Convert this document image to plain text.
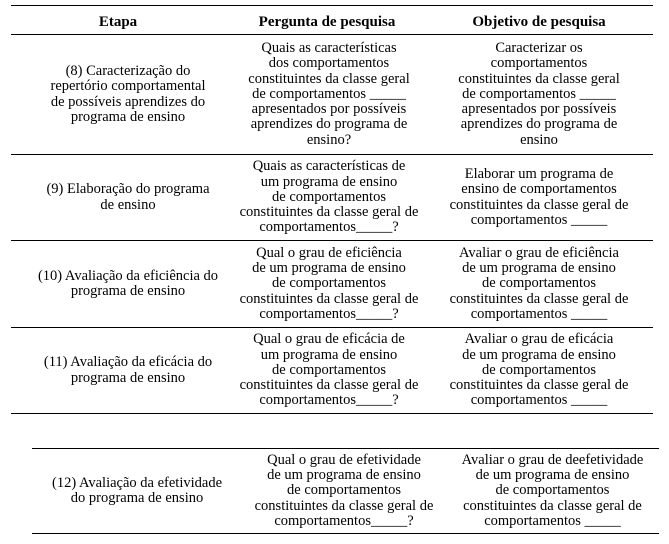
Etapa	Pergunta de pesquisa	Objetivo de pesquisa
(8) Caracterização do
repertório comportamental
de possíveis aprendizes do
programa de ensino
Quais as características
dos comportamentos
constituintes da classe geral
de comportamentos _____
apresentados por possíveis
aprendizes do programa de
ensino?
Caracterizar os
comportamentos
constituintes da classe geral
de comportamentos _____
apresentados por possíveis
aprendizes do programa de
ensino
(9) Elaboração do programa
de ensino
Quais as características de
um programa de ensino
de comportamentos
constituintes da classe geral de
comportamentos_____?
Elaborar um programa de
ensino de comportamentos
constituintes da classe geral de
comportamentos _____
(10) Avaliação da eficiência do
programa de ensino
Qual o grau de eficiência
de um programa de ensino
de comportamentos
constituintes da classe geral de
comportamentos_____?
Avaliar o grau de eficiência
de um programa de ensino
de comportamentos
constituintes da classe geral de
comportamentos _____
(11) Avaliação da eficácia do
programa de ensino
Qual o grau de eficácia de
um programa de ensino
de comportamentos
constituintes da classe geral de
comportamentos_____?
Avaliar o grau de eficácia
de um programa de ensino
de comportamentos
constituintes da classe geral de
comportamentos _____
(12) Avaliação da efetividade
do programa de ensino
Qual o grau de efetividade
de um programa de ensino
de comportamentos
constituintes da classe geral de
comportamentos_____?
Avaliar o grau de deefetividade
de um programa de ensino
de comportamentos
constituintes da classe geral de
comportamentos _____
